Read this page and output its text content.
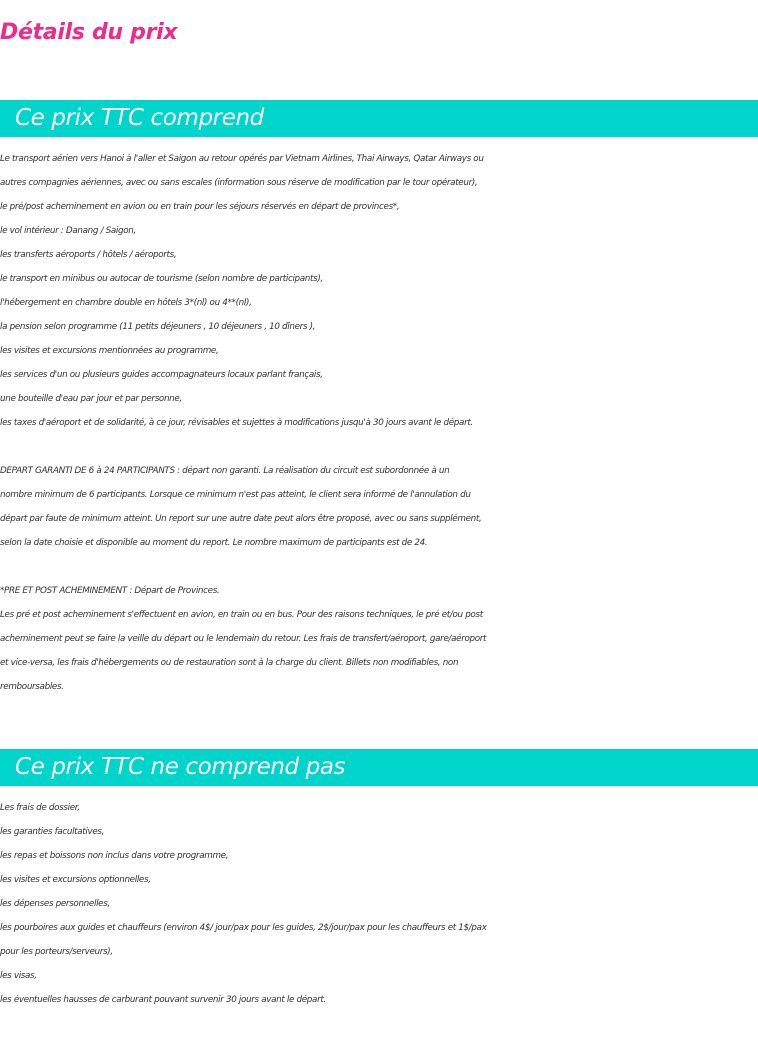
Détails du prix
Ce prix TTC comprend
Le transport aérien vers Hanoi à l'aller et Saigon au retour opérés par Vietnam Airlines, Thai Airways, Qatar Airways ou
autres compagnies aériennes, avec ou sans escales (information sous réserve de modification par le tour opérateur),
le pré/post acheminement en avion ou en train pour les séjours réservés en départ de provinces*,
le vol intérieur : Danang / Saigon,
les transferts aéroports / hôtels / aéroports,
le transport en minibus ou autocar de tourisme (selon nombre de participants),
l'hébergement en chambre double en hôtels 3*(nl) ou 4**(nl),
la pension selon programme (11 petits déjeuners , 10 déjeuners , 10 dîners ),
les visites et excursions mentionnées au programme,
les services d'un ou plusieurs guides accompagnateurs locaux parlant français,
une bouteille d'eau par jour et par personne,
les taxes d'aéroport et de solidarité, à ce jour, révisables et sujettes à modifications jusqu'à 30 jours avant le départ.
DEPART GARANTI DE 6 à 24 PARTICIPANTS : départ non garanti. La réalisation du circuit est subordonnée à un
nombre minimum de 6 participants. Lorsque ce minimum n'est pas atteint, le client sera informé de l'annulation du
départ par faute de minimum atteint. Un report sur une autre date peut alors être proposé, avec ou sans supplément,
selon la date choisie et disponible au moment du report. Le nombre maximum de participants est de 24.
*PRE ET POST ACHEMINEMENT : Départ de Provinces.
Les pré et post acheminement s'effectuent en avion, en train ou en bus. Pour des raisons techniques, le pré et/ou post
acheminement peut se faire la veille du départ ou le lendemain du retour. Les frais de transfert/aéroport, gare/aéroport
et vice-versa, les frais d'hébergements ou de restauration sont à la charge du client. Billets non modifiables, non
remboursables.
Ce prix TTC ne comprend pas
Les frais de dossier,
les garanties facultatives,
les repas et boissons non inclus dans votre programme,
les visites et excursions optionnelles,
les dépenses personnelles,
les pourboires aux guides et chauffeurs (environ 4$/ jour/pax pour les guides, 2$/jour/pax pour les chauffeurs et 1$/pax
pour les porteurs/serveurs),
les visas,
les éventuelles hausses de carburant pouvant survenir 30 jours avant le départ.
